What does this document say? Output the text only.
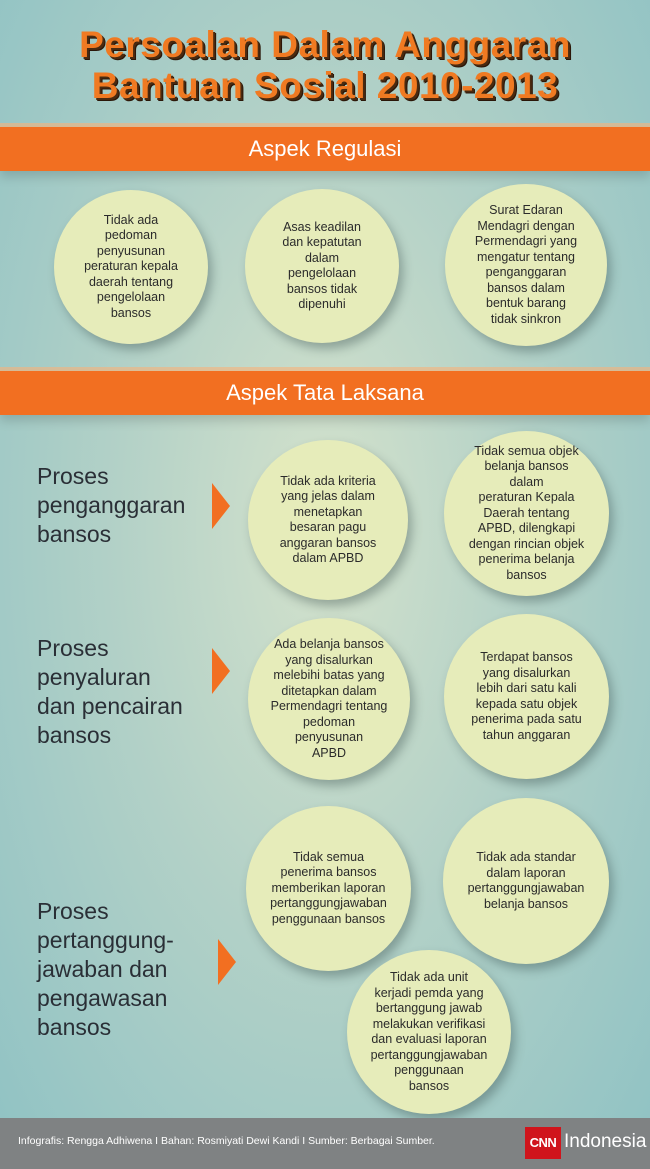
Persoalan Dalam Anggaran
Bantuan Sosial 2010-2013
Aspek Regulasi
Tidak ada
pedoman
penyusunan
peraturan kepala
daerah tentang
pengelolaan
bansos
Asas keadilan
dan kepatutan
dalam
pengelolaan
bansos tidak
dipenuhi
Surat Edaran
Mendagri dengan
Permendagri yang
mengatur tentang
penganggaran
bansos dalam
bentuk barang
tidak sinkron
Aspek Tata Laksana
Proses
penganggaran
bansos
Tidak ada kriteria
yang jelas dalam
menetapkan
besaran pagu
anggaran bansos
dalam APBD
Tidak semua objek
belanja bansos dalam
peraturan Kepala
Daerah tentang
APBD, dilengkapi
dengan rincian objek
penerima belanja
bansos
Proses
penyaluran
dan pencairan
bansos
Ada belanja bansos
yang disalurkan
melebihi batas yang
ditetapkan dalam
Permendagri tentang
pedoman
penyusunan
APBD
Terdapat bansos
yang disalurkan
lebih dari satu kali
kepada satu objek
penerima pada satu
tahun anggaran
Proses
pertanggung-
jawaban dan
pengawasan
bansos
Tidak semua
penerima bansos
memberikan laporan
pertanggungjawaban
penggunaan bansos
Tidak ada standar
dalam laporan
pertanggungjawaban
belanja bansos
Tidak ada unit
kerjadi pemda yang
bertanggung jawab
melakukan verifikasi
dan evaluasi laporan
pertanggungjawaban
penggunaan
bansos
Infografis: Rengga Adhiwena I Bahan: Rosmiyati Dewi Kandi I Sumber: Berbagai Sumber.	CNN Indonesia
